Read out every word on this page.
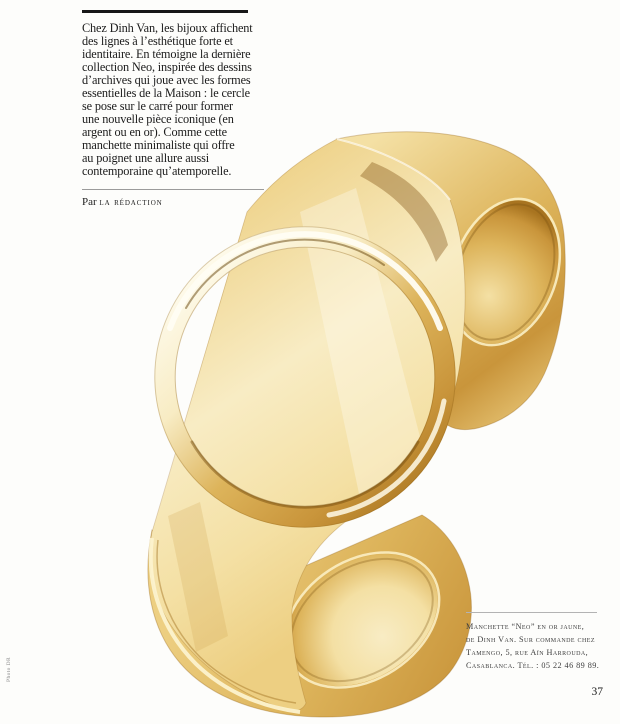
Chez Dinh Van, les bijoux affichent
des lignes à l’esthétique forte et
identitaire. En témoigne la dernière
collection Neo, inspirée des dessins
d’archives qui joue avec les formes
essentielles de la Maison : le cercle
se pose sur le carré pour former
une nouvelle pièce iconique (en
argent ou en or). Comme cette
manchette minimaliste qui offre
au poignet une allure aussi
contemporaine qu’atemporelle.
Par la rédaction
Manchette “Neo” en or jaune,
de Dinh Van. Sur commande chez
Tamengo, 5, rue Aïn Harrouda,
Casablanca. Tél. : 05 22 46 89 89.
37
Photo DR
